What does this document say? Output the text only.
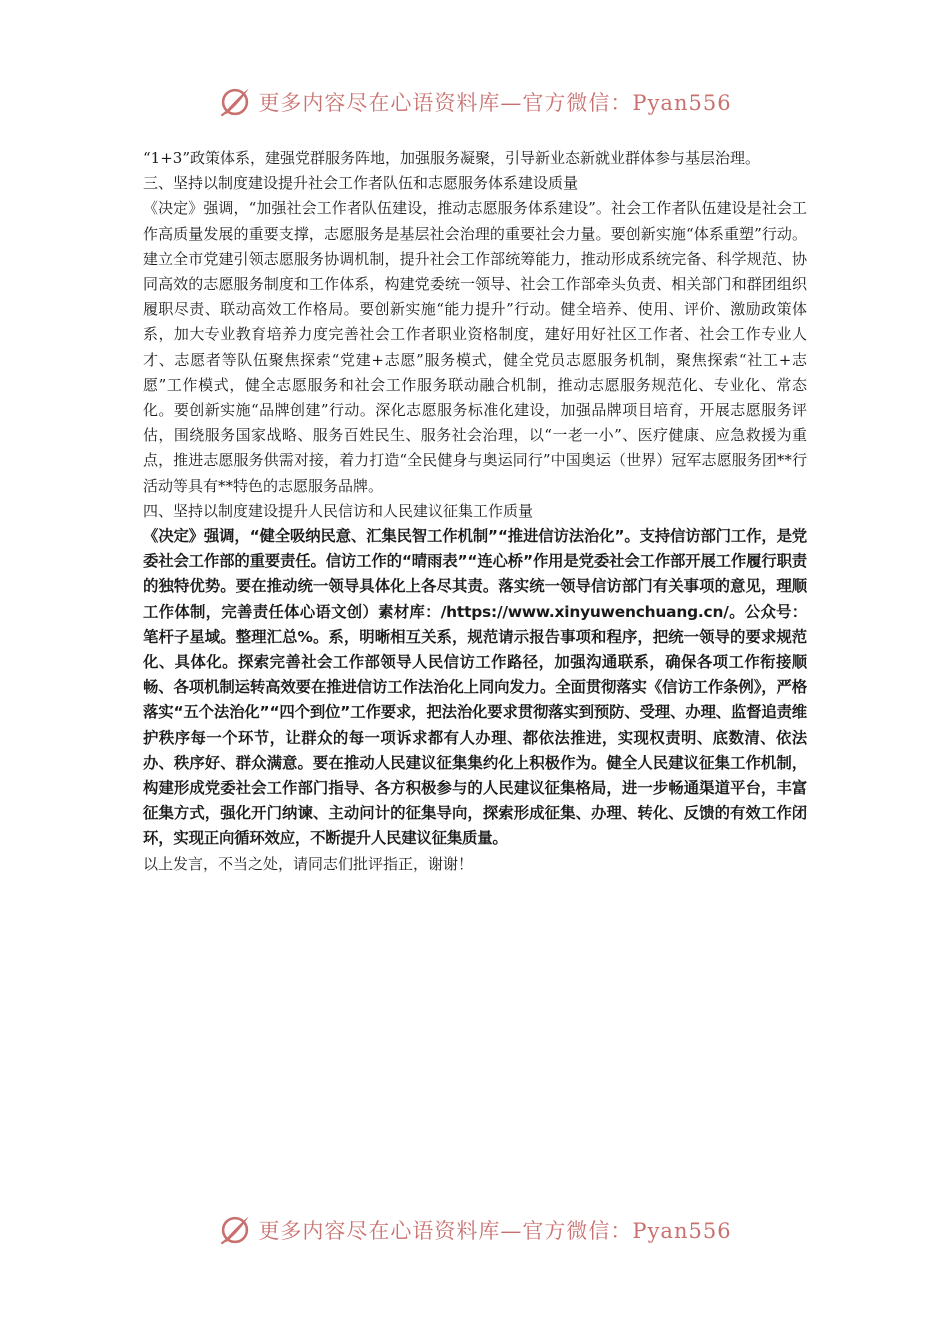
更多内容尽在心语资料库—官方微信：Pyan556

“1+3”政策体系，建强党群服务阵地，加强服务凝聚，引导新业态新就业群体参与基层治理。

三、坚持以制度建设提升社会工作者队伍和志愿服务体系建设质量

《决定》强调，“加强社会工作者队伍建设，推动志愿服务体系建设”。社会工作者队伍建设是社会工作高质量发展的重要支撑，志愿服务是基层社会治理的重要社会力量。要创新实施“体系重塑”行动。建立全市党建引领志愿服务协调机制，提升社会工作部统筹能力，推动形成系统完备、科学规范、协同高效的志愿服务制度和工作体系，构建党委统一领导、社会工作部牵头负责、相关部门和群团组织履职尽责、联动高效工作格局。要创新实施“能力提升”行动。健全培养、使用、评价、激励政策体系，加大专业教育培养力度完善社会工作者职业资格制度，建好用好社区工作者、社会工作专业人才、志愿者等队伍聚焦探索“党建+志愿”服务模式，健全党员志愿服务机制，聚焦探索“社工+志愿”工作模式，健全志愿服务和社会工作服务联动融合机制，推动志愿服务规范化、专业化、常态化。要创新实施“品牌创建”行动。深化志愿服务标准化建设，加强品牌项目培育，开展志愿服务评估，围绕服务国家战略、服务百姓民生、服务社会治理，以“一老一小”、医疗健康、应急救援为重点，推进志愿服务供需对接，着力打造“全民健身与奥运同行”中国奥运（世界）冠军志愿服务团**行活动等具有**特色的志愿服务品牌。

四、坚持以制度建设提升人民信访和人民建议征集工作质量

《决定》强调，“健全吸纳民意、汇集民智工作机制”“推进信访法治化”。支持信访部门工作，是党委社会工作部的重要责任。信访工作的“晴雨表”“连心桥”作用是党委社会工作部开展工作履行职责的独特优势。要在推动统一领导具体化上各尽其责。落实统一领导信访部门有关事项的意见，理顺工作体制，完善责任体心语文创）素材库：/https://www.xinyuwenchuang.cn/。公众号：笔杆子星域。整理汇总%。系，明晰相互关系，规范请示报告事项和程序，把统一领导的要求规范化、具体化。探索完善社会工作部领导人民信访工作路径，加强沟通联系，确保各项工作衔接顺畅、各项机制运转高效要在推进信访工作法治化上同向发力。全面贯彻落实《信访工作条例》，严格落实“五个法治化”“四个到位”工作要求，把法治化要求贯彻落实到预防、受理、办理、监督追责维护秩序每一个环节，让群众的每一项诉求都有人办理、都依法推进，实现权责明、底数清、依法办、秩序好、群众满意。要在推动人民建议征集集约化上积极作为。健全人民建议征集工作机制，构建形成党委社会工作部门指导、各方积极参与的人民建议征集格局，进一步畅通渠道平台，丰富征集方式，强化开门纳谏、主动问计的征集导向，探索形成征集、办理、转化、反馈的有效工作闭环，实现正向循环效应，不断提升人民建议征集质量。

以上发言，不当之处，请同志们批评指正，谢谢！

更多内容尽在心语资料库—官方微信：Pyan556
